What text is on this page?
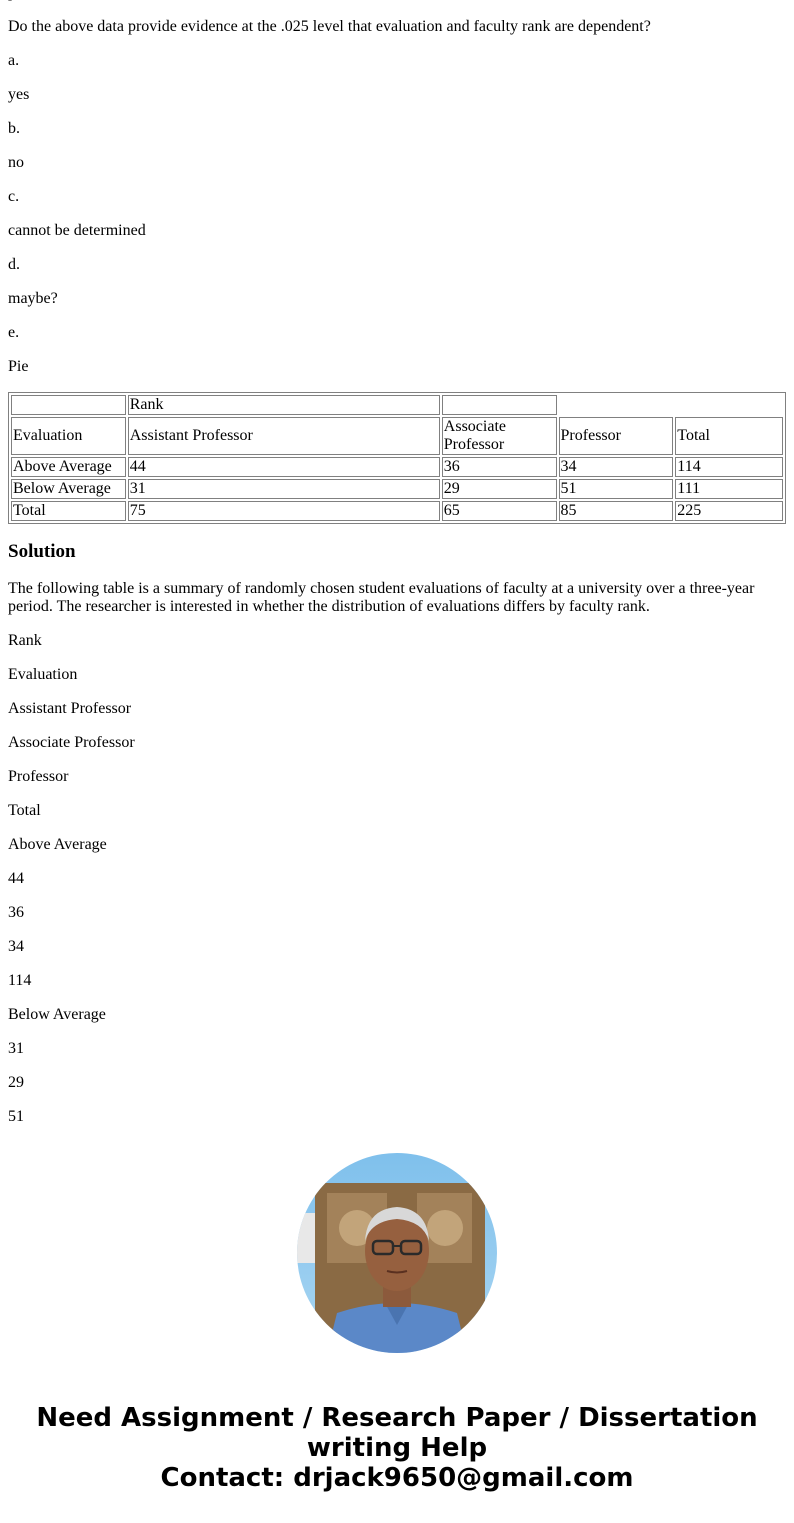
Do the above data provide evidence at the .025 level that evaluation and faculty rank are dependent?

a.

yes

b.

no

c.

cannot be determined

d.

maybe?

e.

Pie

	Rank			
Evaluation	Assistant Professor	Associate Professor	Professor	Total
Above Average	44	36	34	114
Below Average	31	29	51	111
Total	75	65	85	225
Solution

The following table is a summary of randomly chosen student evaluations of faculty at a university over a three-year period. The researcher is interested in whether the distribution of evaluations differs by faculty rank.

Rank

Evaluation

Assistant Professor

Associate Professor

Professor

Total

Above Average

44

36

34

114

Below Average

31

29

51

Need Assignment / Research Paper / Dissertation
writing Help
Contact: drjack9650@gmail.com
